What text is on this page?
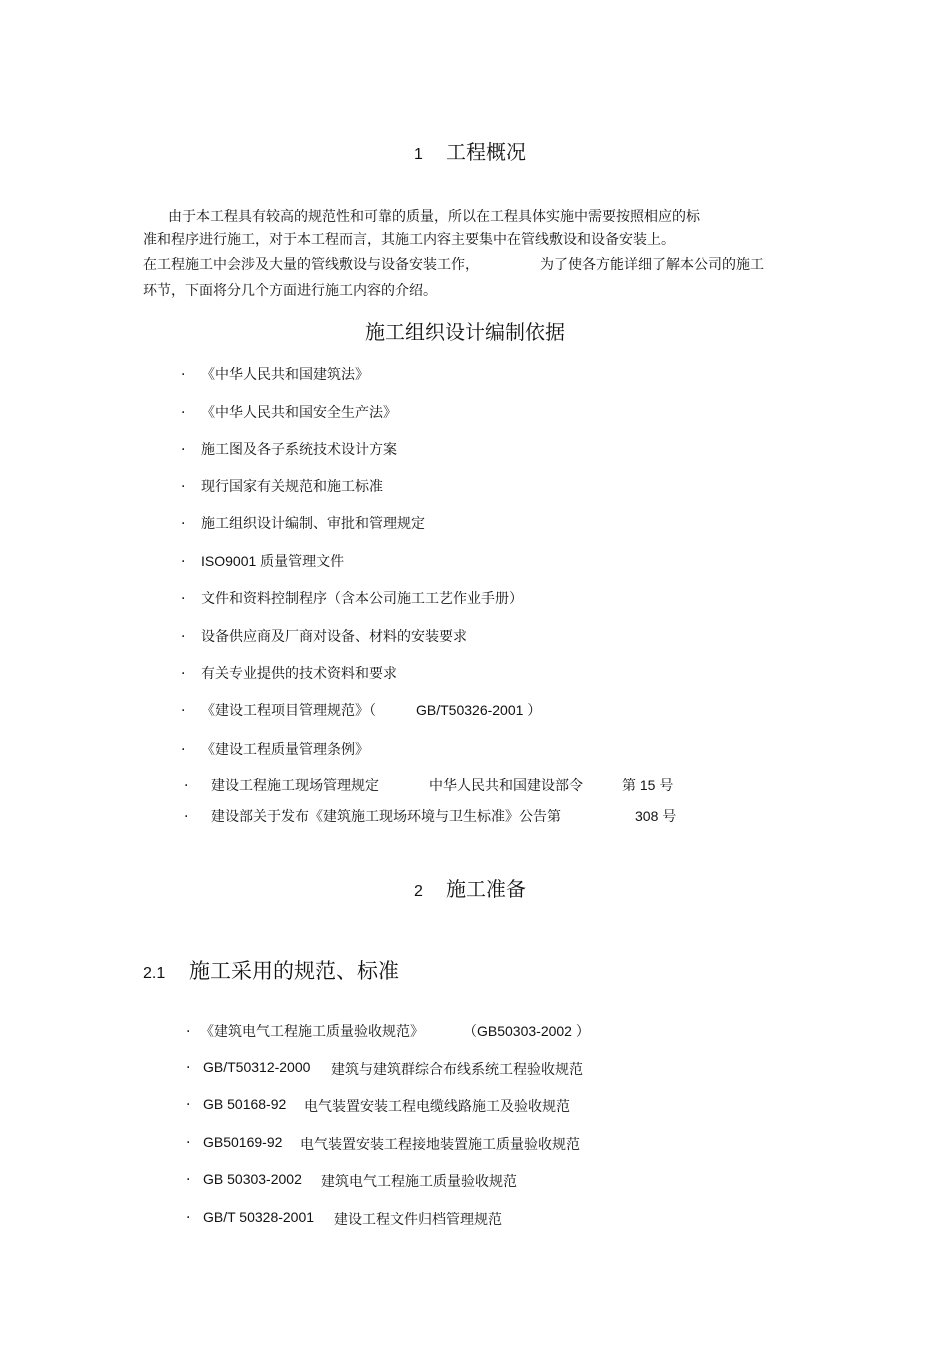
1 工程概况
由于本工程具有较高的规范性和可靠的质量，所以在工程具体实施中需要按照相应的标
准和程序进行施工，对于本工程而言，其施工内容主要集中在管线敷设和设备安装上。
在工程施工中会涉及大量的管线敷设与设备安装工作，	为了使各方能详细了解本公司的施工
环节，下面将分几个方面进行施工内容的介绍。
施工组织设计编制依据
· 《中华人民共和国建筑法》
· 《中华人民共和国安全生产法》
· 施工图及各子系统技术设计方案
· 现行国家有关规范和施工标准
· 施工组织设计编制、审批和管理规定
· ISO9001 质量管理文件
· 文件和资料控制程序（含本公司施工工艺作业手册）
· 设备供应商及厂商对设备、材料的安装要求
· 有关专业提供的技术资料和要求
· 《建设工程项目管理规范》（	GB/T50326-2001 ）
· 《建设工程质量管理条例》
· 建设工程施工现场管理规定	中华人民共和国建设部令	第 15 号
· 建设部关于发布《建筑施工现场环境与卫生标准》公告第	308 号
2 施工准备
2.1 施工采用的规范、标准
· 《建筑电气工程施工质量验收规范》	（GB50303-2002 ）
· GB/T50312-2000 建筑与建筑群综合布线系统工程验收规范
· GB 50168-92 电气装置安装工程电缆线路施工及验收规范
· GB50169-92 电气装置安装工程接地装置施工质量验收规范
· GB 50303-2002 建筑电气工程施工质量验收规范
· GB/T 50328-2001 建设工程文件归档管理规范
